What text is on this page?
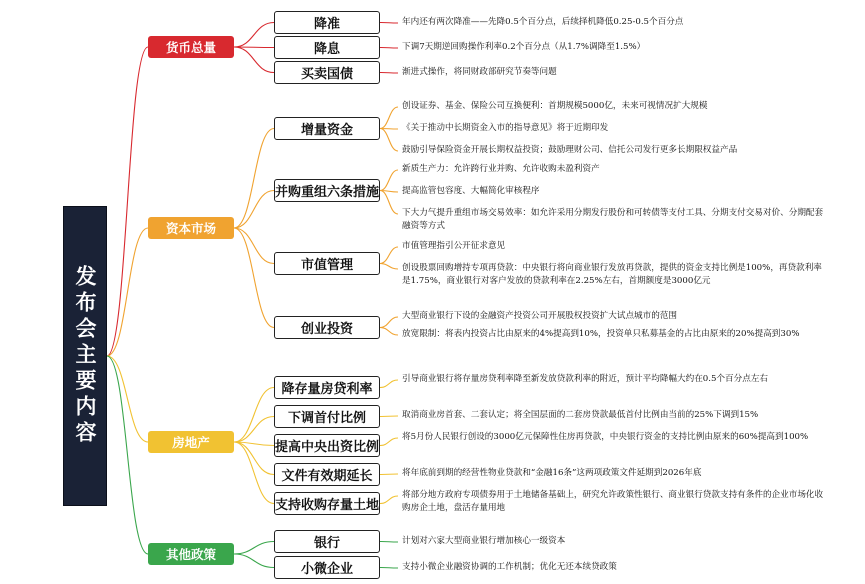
发布会主要内容
货币总量
资本市场
房地产
其他政策
降准
降息
买卖国债
增量资金
并购重组六条措施
市值管理
创业投资
降存量房贷利率
下调首付比例
提高中央出资比例
文件有效期延长
支持收购存量土地
银行
小微企业
年内还有两次降准——先降0.5个百分点，后续择机降低0.25-0.5个百分点
下调7天期逆回购操作利率0.2个百分点（从1.7%调降至1.5%）
渐进式操作，将同财政部研究节奏等问题
创设证券、基金、保险公司互换便利：首期规模5000亿，未来可视情况扩大规模
《关于推动中长期资金入市的指导意见》将于近期印发
鼓励引导保险资金开展长期权益投资；鼓励理财公司、信托公司发行更多长期限权益产品
新质生产力：允许跨行业并购、允许收购未盈利资产
提高监管包容度、大幅简化审核程序
下大力气提升重组市场交易效率：如允许采用分期发行股份和可转债等支付工具、分期支付交易对价、分期配套融资等方式
市值管理指引公开征求意见
创设股票回购增持专项再贷款：中央银行将向商业银行发放再贷款，提供的资金支持比例是100%，再贷款利率是1.75%，商业银行对客户发放的贷款利率在2.25%左右，首期额度是3000亿元
大型商业银行下设的金融资产投资公司开展股权投资扩大试点城市的范围
放宽限制：将表内投资占比由原来的4%提高到10%，投资单只私募基金的占比由原来的20%提高到30%
引导商业银行将存量房贷利率降至新发放贷款利率的附近，预计平均降幅大约在0.5个百分点左右
取消商业房首套、二套认定；将全国层面的二套房贷款最低首付比例由当前的25%下调到15%
将5月份人民银行创设的3000亿元保障性住房再贷款，中央银行资金的支持比例由原来的60%提高到100%
将年底前到期的经营性物业贷款和“金融16条”这两项政策文件延期到2026年底
将部分地方政府专项债券用于土地储备基础上，研究允许政策性银行、商业银行贷款支持有条件的企业市场化收购房企土地，盘活存量用地
计划对六家大型商业银行增加核心一级资本
支持小微企业融资协调的工作机制；优化无还本续贷政策
